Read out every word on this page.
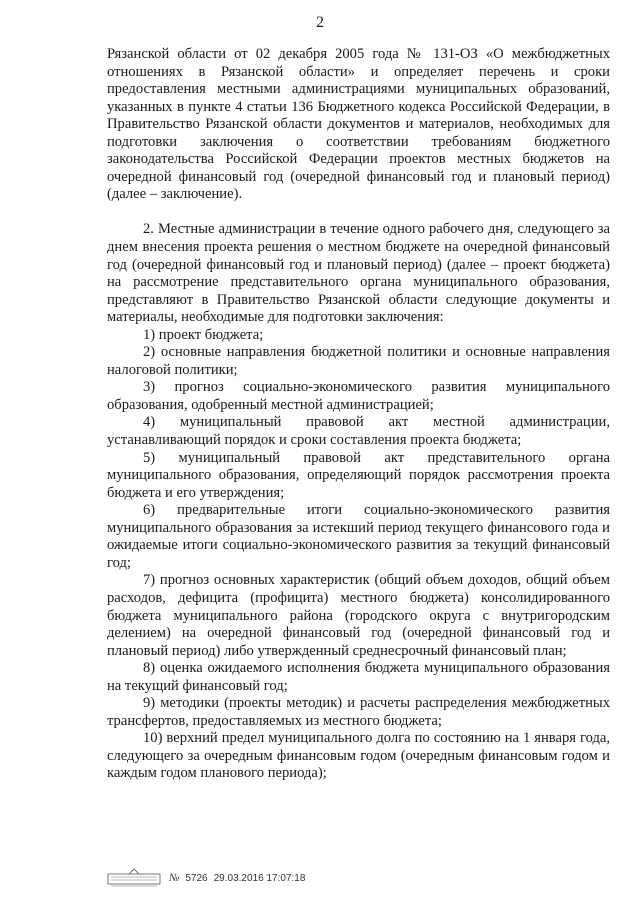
2

Рязанской области от 02 декабря 2005 года № 131-ОЗ «О межбюджетных отношениях в Рязанской области» и определяет перечень и сроки предоставления местными администрациями муниципальных образований, указанных в пункте 4 статьи 136 Бюджетного кодекса Российской Федерации, в Правительство Рязанской области документов и материалов, необходимых для подготовки заключения о соответствии требованиям бюджетного законодательства Российской Федерации проектов местных бюджетов на очередной финансовый год (очередной финансовый год и плановый период) (далее – заключение).

2. Местные администрации в течение одного рабочего дня, следующего за днем внесения проекта решения о местном бюджете на очередной финансовый год (очередной финансовый год и плановый период) (далее – проект бюджета) на рассмотрение представительного органа муниципального образования, представляют в Правительство Рязанской области следующие документы и материалы, необходимые для подготовки заключения:

1) проект бюджета;

2) основные направления бюджетной политики и основные направления налоговой политики;

3) прогноз социально-экономического развития муниципального образования, одобренный местной администрацией;

4) муниципальный правовой акт местной администрации, устанавливающий порядок и сроки составления проекта бюджета;

5) муниципальный правовой акт представительного органа муниципального образования, определяющий порядок рассмотрения проекта бюджета и его утверждения;

6) предварительные итоги социально-экономического развития муниципального образования за истекший период текущего финансового года и ожидаемые итоги социально-экономического развития за текущий финансовый год;

7) прогноз основных характеристик (общий объем доходов, общий объем расходов, дефицита (профицита) местного бюджета) консолидированного бюджета муниципального района (городского округа с внутригородским делением) на очередной финансовый год (очередной финансовый год и плановый период) либо утвержденный среднесрочный финансовый план;

8) оценка ожидаемого исполнения бюджета муниципального образования на текущий финансовый год;

9) методики (проекты методик) и расчеты распределения межбюджетных трансфертов, предоставляемых из местного бюджета;

10) верхний предел муниципального долга по состоянию на 1 января года, следующего за очередным финансовым годом (очередным финансовым годом и каждым годом планового периода);

№ 5726 29.03.2016 17:07:18
